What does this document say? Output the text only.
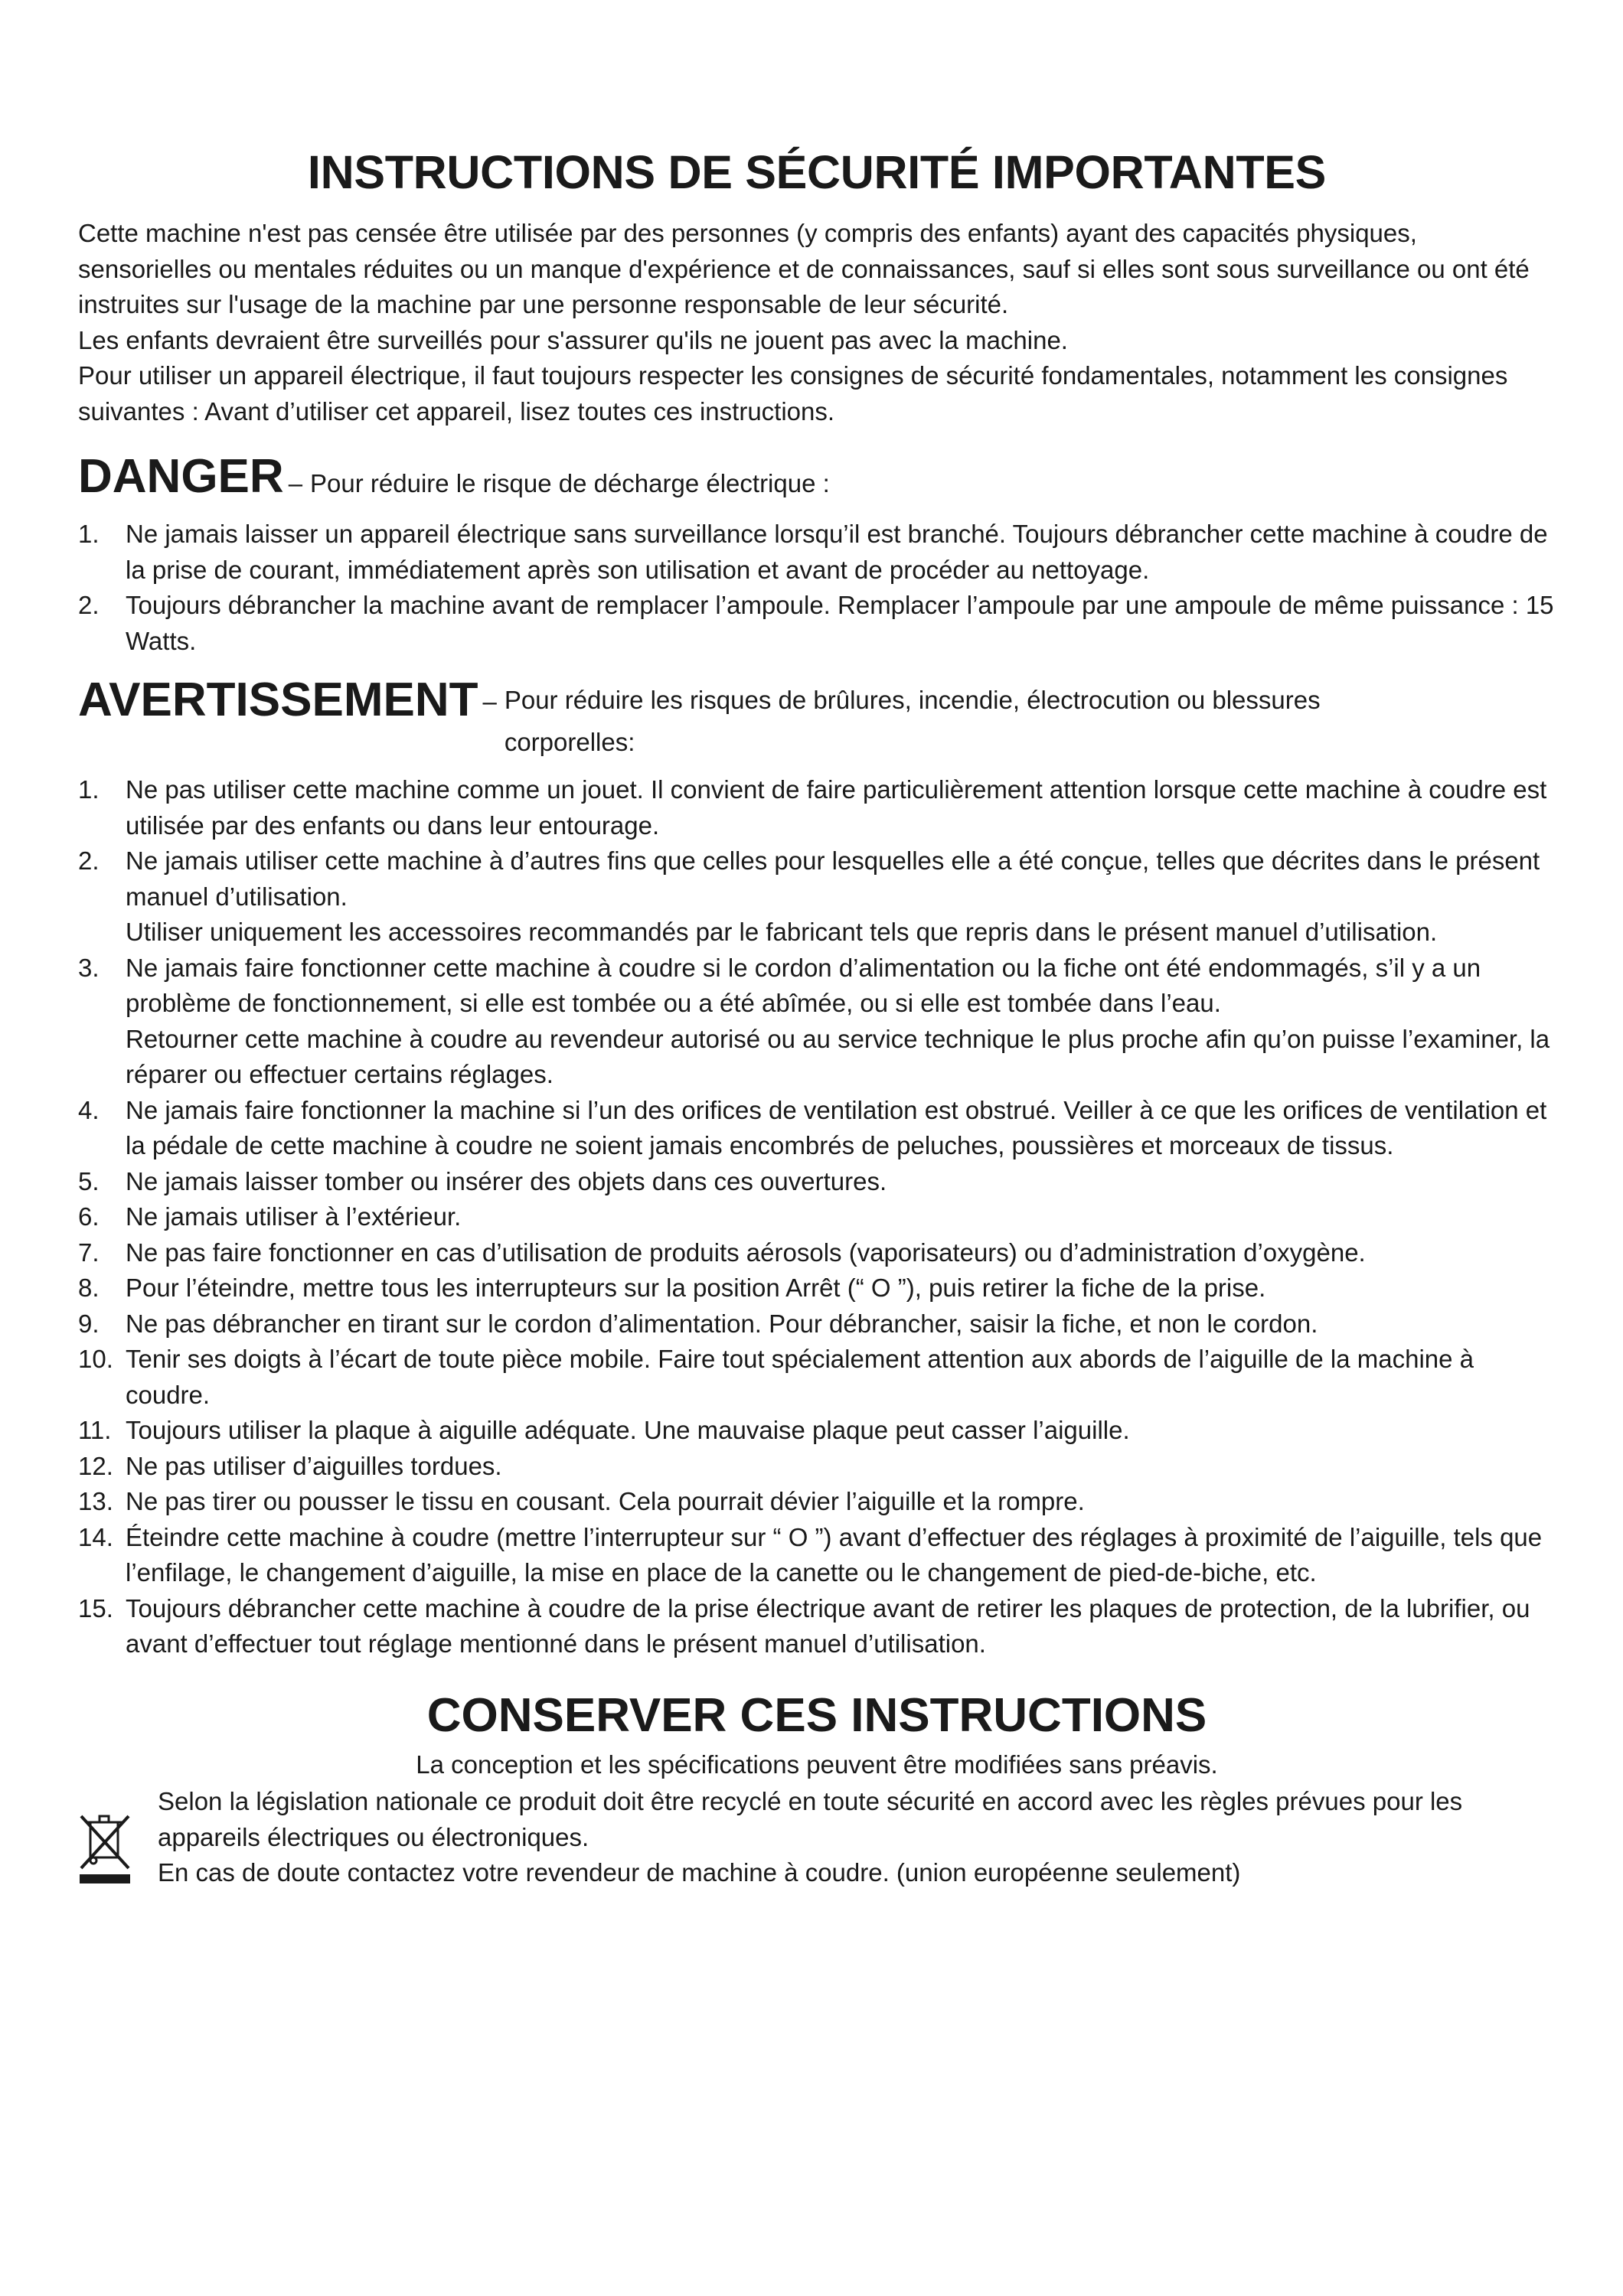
INSTRUCTIONS DE SÉCURITÉ IMPORTANTES

Cette machine n'est pas censée être utilisée par des personnes (y compris des enfants) ayant des capacités physiques, sensorielles ou mentales réduites ou un manque d'expérience et de connaissances, sauf si elles sont sous surveillance ou ont été instruites sur l'usage de la machine par une personne responsable de leur sécurité.

Les enfants devraient être surveillés pour s'assurer qu'ils ne jouent pas avec la machine.

Pour utiliser un appareil électrique, il faut toujours respecter les consignes de sécurité fondamentales, notamment les consignes suivantes : Avant d’utiliser cet appareil, lisez toutes ces instructions.

DANGER – Pour réduire le risque de décharge électrique :
1.	Ne jamais laisser un appareil électrique sans surveillance lorsqu’il est branché. Toujours débrancher cette machine à coudre de la prise de courant, immédiatement après son utilisation et avant de procéder au nettoyage.
2.	Toujours débrancher la machine avant de remplacer l’ampoule. Remplacer l’ampoule par une ampoule de même puissance : 15 Watts.
AVERTISSEMENT – Pour réduire les risques de brûlures, incendie, électrocution ou blessures corporelles:
1.	Ne pas utiliser cette machine comme un jouet. Il convient de faire particulièrement attention lorsque cette machine à coudre est utilisée par des enfants ou dans leur entourage.
2.	Ne jamais utiliser cette machine à d’autres fins que celles pour lesquelles elle a été conçue, telles que décrites dans le présent manuel d’utilisation.
Utiliser uniquement les accessoires recommandés par le fabricant tels que repris dans le présent manuel d’utilisation.
3.	Ne jamais faire fonctionner cette machine à coudre si le cordon d’alimentation ou la fiche ont été endommagés, s’il y a un problème de fonctionnement, si elle est tombée ou a été abîmée, ou si elle est tombée dans l’eau.
Retourner cette machine à coudre au revendeur autorisé ou au service technique le plus proche afin qu’on puisse l’examiner, la réparer ou effectuer certains réglages.
4.	Ne jamais faire fonctionner la machine si l’un des orifices de ventilation est obstrué. Veiller à ce que les orifices de ventilation et la pédale de cette machine à coudre ne soient jamais encombrés de peluches, poussières et morceaux de tissus.
5.	Ne jamais laisser tomber ou insérer des objets dans ces ouvertures.
6.	Ne jamais utiliser à l’extérieur.
7.	Ne pas faire fonctionner en cas d’utilisation de produits aérosols (vaporisateurs) ou d’administration d’oxygène.
8.	Pour l’éteindre, mettre tous les interrupteurs sur la position Arrêt (“ O ”), puis retirer la fiche de la prise.
9.	Ne pas débrancher en tirant sur le cordon d’alimentation. Pour débrancher, saisir la fiche, et non le cordon.
10. Tenir ses doigts à l’écart de toute pièce mobile. Faire tout spécialement attention aux abords de l’aiguille de la machine à coudre.
11. Toujours utiliser la plaque à aiguille adéquate. Une mauvaise plaque peut casser l’aiguille.
12. Ne pas utiliser d’aiguilles tordues.
13. Ne pas tirer ou pousser le tissu en cousant. Cela pourrait dévier l’aiguille et la rompre.
14. Éteindre cette machine à coudre (mettre l’interrupteur sur “ O ”) avant d’effectuer des réglages à proximité de l’aiguille, tels que l’enfilage, le changement d’aiguille, la mise en place de la canette ou le changement de pied-de-biche, etc.
15. Toujours débrancher cette machine à coudre de la prise électrique avant de retirer les plaques de protection, de la lubrifier, ou avant d’effectuer tout réglage mentionné dans le présent manuel d’utilisation.
CONSERVER CES INSTRUCTIONS
La conception et les spécifications peuvent être modifiées sans préavis.

Selon la législation nationale ce produit doit être recyclé en toute sécurité en accord avec les règles prévues pour les appareils électriques ou électroniques.

En cas de doute contactez votre revendeur de machine à coudre. (union européenne seulement)
